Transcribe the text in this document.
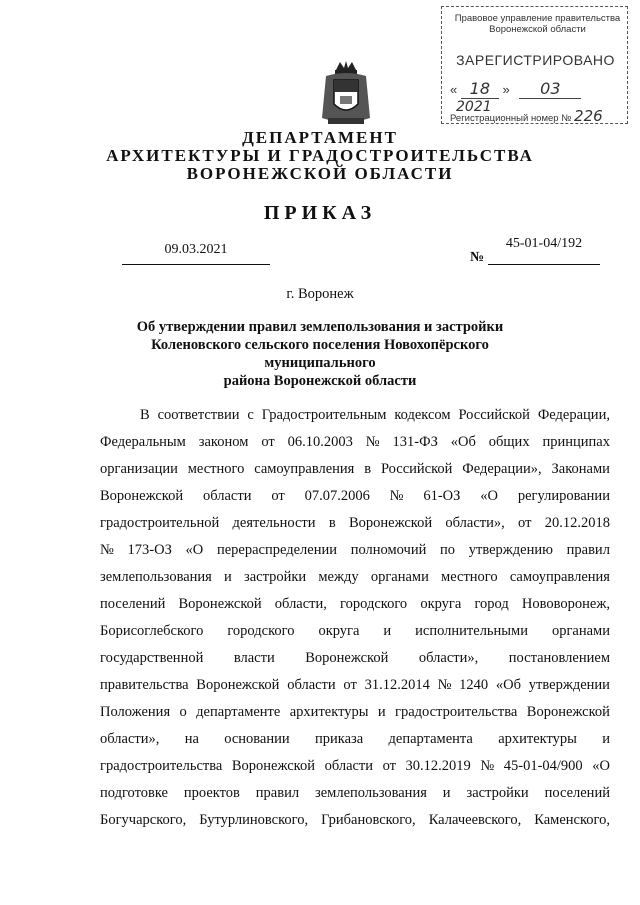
Правовое управление правительства
Воронежской области
ЗАРЕГИСТРИРОВАНО
« 18 » 03 2021
Регистрационный номер № 226
ДЕПАРТАМЕНТ
АРХИТЕКТУРЫ И ГРАДОСТРОИТЕЛЬСТВА
ВОРОНЕЖСКОЙ ОБЛАСТИ
ПРИКАЗ
09.03.2021
№
45-01-04/192
г. Воронеж
Об утверждении правил землепользования и застройки
Коленовского сельского поселения Новохопёрского муниципального
района Воронежской области
В соответствии с Градостроительным кодексом Российской Федерации,
Федеральным законом от 06.10.2003 № 131-ФЗ «Об общих принципах
организации местного самоуправления в Российской Федерации», Законами
Воронежской области от 07.07.2006 № 61-ОЗ «О регулировании
градостроительной деятельности в Воронежской области», от 20.12.2018
№ 173-ОЗ «О перераспределении полномочий по утверждению правил
землепользования и застройки между органами местного самоуправления
поселений Воронежской области, городского округа город Нововоронеж,
Борисоглебского городского округа и исполнительными органами
государственной власти Воронежской области», постановлением
правительства Воронежской области от 31.12.2014 № 1240 «Об утверждении
Положения о департаменте архитектуры и градостроительства Воронежской
области», на основании приказа департамента архитектуры и
градостроительства Воронежской области от 30.12.2019 № 45-01-04/900 «О
подготовке проектов правил землепользования и застройки поселений
Богучарского, Бутурлиновского, Грибановского, Калачеевского, Каменского,
